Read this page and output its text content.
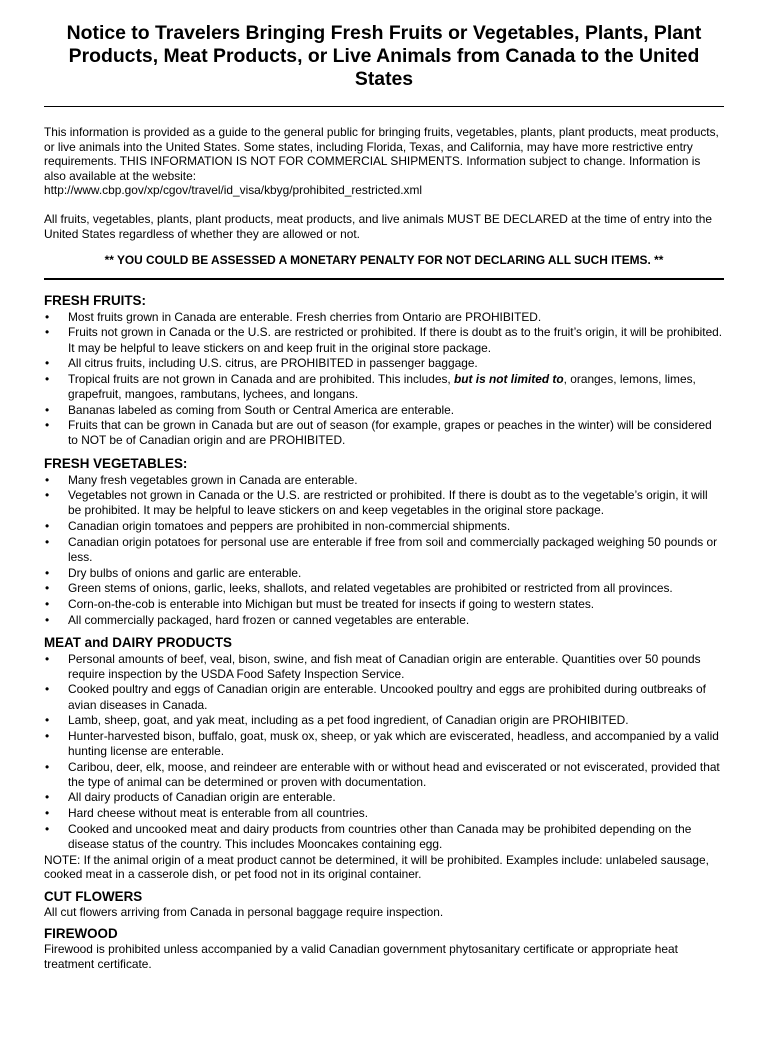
Notice to Travelers Bringing Fresh Fruits or Vegetables, Plants, Plant Products, Meat Products, or Live Animals from Canada to the United States

This information is provided as a guide to the general public for bringing fruits, vegetables, plants, plant products, meat products, or live animals into the United States. Some states, including Florida, Texas, and California, may have more restrictive entry requirements. THIS INFORMATION IS NOT FOR COMMERCIAL SHIPMENTS. Information subject to change. Information is also available at the website:
http://www.cbp.gov/xp/cgov/travel/id_visa/kbyg/prohibited_restricted.xml

All fruits, vegetables, plants, plant products, meat products, and live animals MUST BE DECLARED at the time of entry into the United States regardless of whether they are allowed or not.

** YOU COULD BE ASSESSED A MONETARY PENALTY FOR NOT DECLARING ALL SUCH ITEMS. **

FRESH FRUITS:
• Most fruits grown in Canada are enterable. Fresh cherries from Ontario are PROHIBITED.
• Fruits not grown in Canada or the U.S. are restricted or prohibited. If there is doubt as to the fruit’s origin, it will be prohibited. It may be helpful to leave stickers on and keep fruit in the original store package.
• All citrus fruits, including U.S. citrus, are PROHIBITED in passenger baggage.
• Tropical fruits are not grown in Canada and are prohibited. This includes, but is not limited to, oranges, lemons, limes, grapefruit, mangoes, rambutans, lychees, and longans.
• Bananas labeled as coming from South or Central America are enterable.
• Fruits that can be grown in Canada but are out of season (for example, grapes or peaches in the winter) will be considered to NOT be of Canadian origin and are PROHIBITED.
FRESH VEGETABLES:
• Many fresh vegetables grown in Canada are enterable.
• Vegetables not grown in Canada or the U.S. are restricted or prohibited. If there is doubt as to the vegetable’s origin, it will be prohibited. It may be helpful to leave stickers on and keep vegetables in the original store package.
• Canadian origin tomatoes and peppers are prohibited in non-commercial shipments.
• Canadian origin potatoes for personal use are enterable if free from soil and commercially packaged weighing 50 pounds or less.
• Dry bulbs of onions and garlic are enterable.
• Green stems of onions, garlic, leeks, shallots, and related vegetables are prohibited or restricted from all provinces.
• Corn-on-the-cob is enterable into Michigan but must be treated for insects if going to western states.
• All commercially packaged, hard frozen or canned vegetables are enterable.
MEAT and DAIRY PRODUCTS
• Personal amounts of beef, veal, bison, swine, and fish meat of Canadian origin are enterable. Quantities over 50 pounds require inspection by the USDA Food Safety Inspection Service.
• Cooked poultry and eggs of Canadian origin are enterable. Uncooked poultry and eggs are prohibited during outbreaks of avian diseases in Canada.
• Lamb, sheep, goat, and yak meat, including as a pet food ingredient, of Canadian origin are PROHIBITED.
• Hunter-harvested bison, buffalo, goat, musk ox, sheep, or yak which are eviscerated, headless, and accompanied by a valid hunting license are enterable.
• Caribou, deer, elk, moose, and reindeer are enterable with or without head and eviscerated or not eviscerated, provided that the type of animal can be determined or proven with documentation.
• All dairy products of Canadian origin are enterable.
• Hard cheese without meat is enterable from all countries.
• Cooked and uncooked meat and dairy products from countries other than Canada may be prohibited depending on the disease status of the country. This includes Mooncakes containing egg.

NOTE: If the animal origin of a meat product cannot be determined, it will be prohibited. Examples include: unlabeled sausage, cooked meat in a casserole dish, or pet food not in its original container.

CUT FLOWERS

All cut flowers arriving from Canada in personal baggage require inspection.

FIREWOOD

Firewood is prohibited unless accompanied by a valid Canadian government phytosanitary certificate or appropriate heat treatment certificate.
